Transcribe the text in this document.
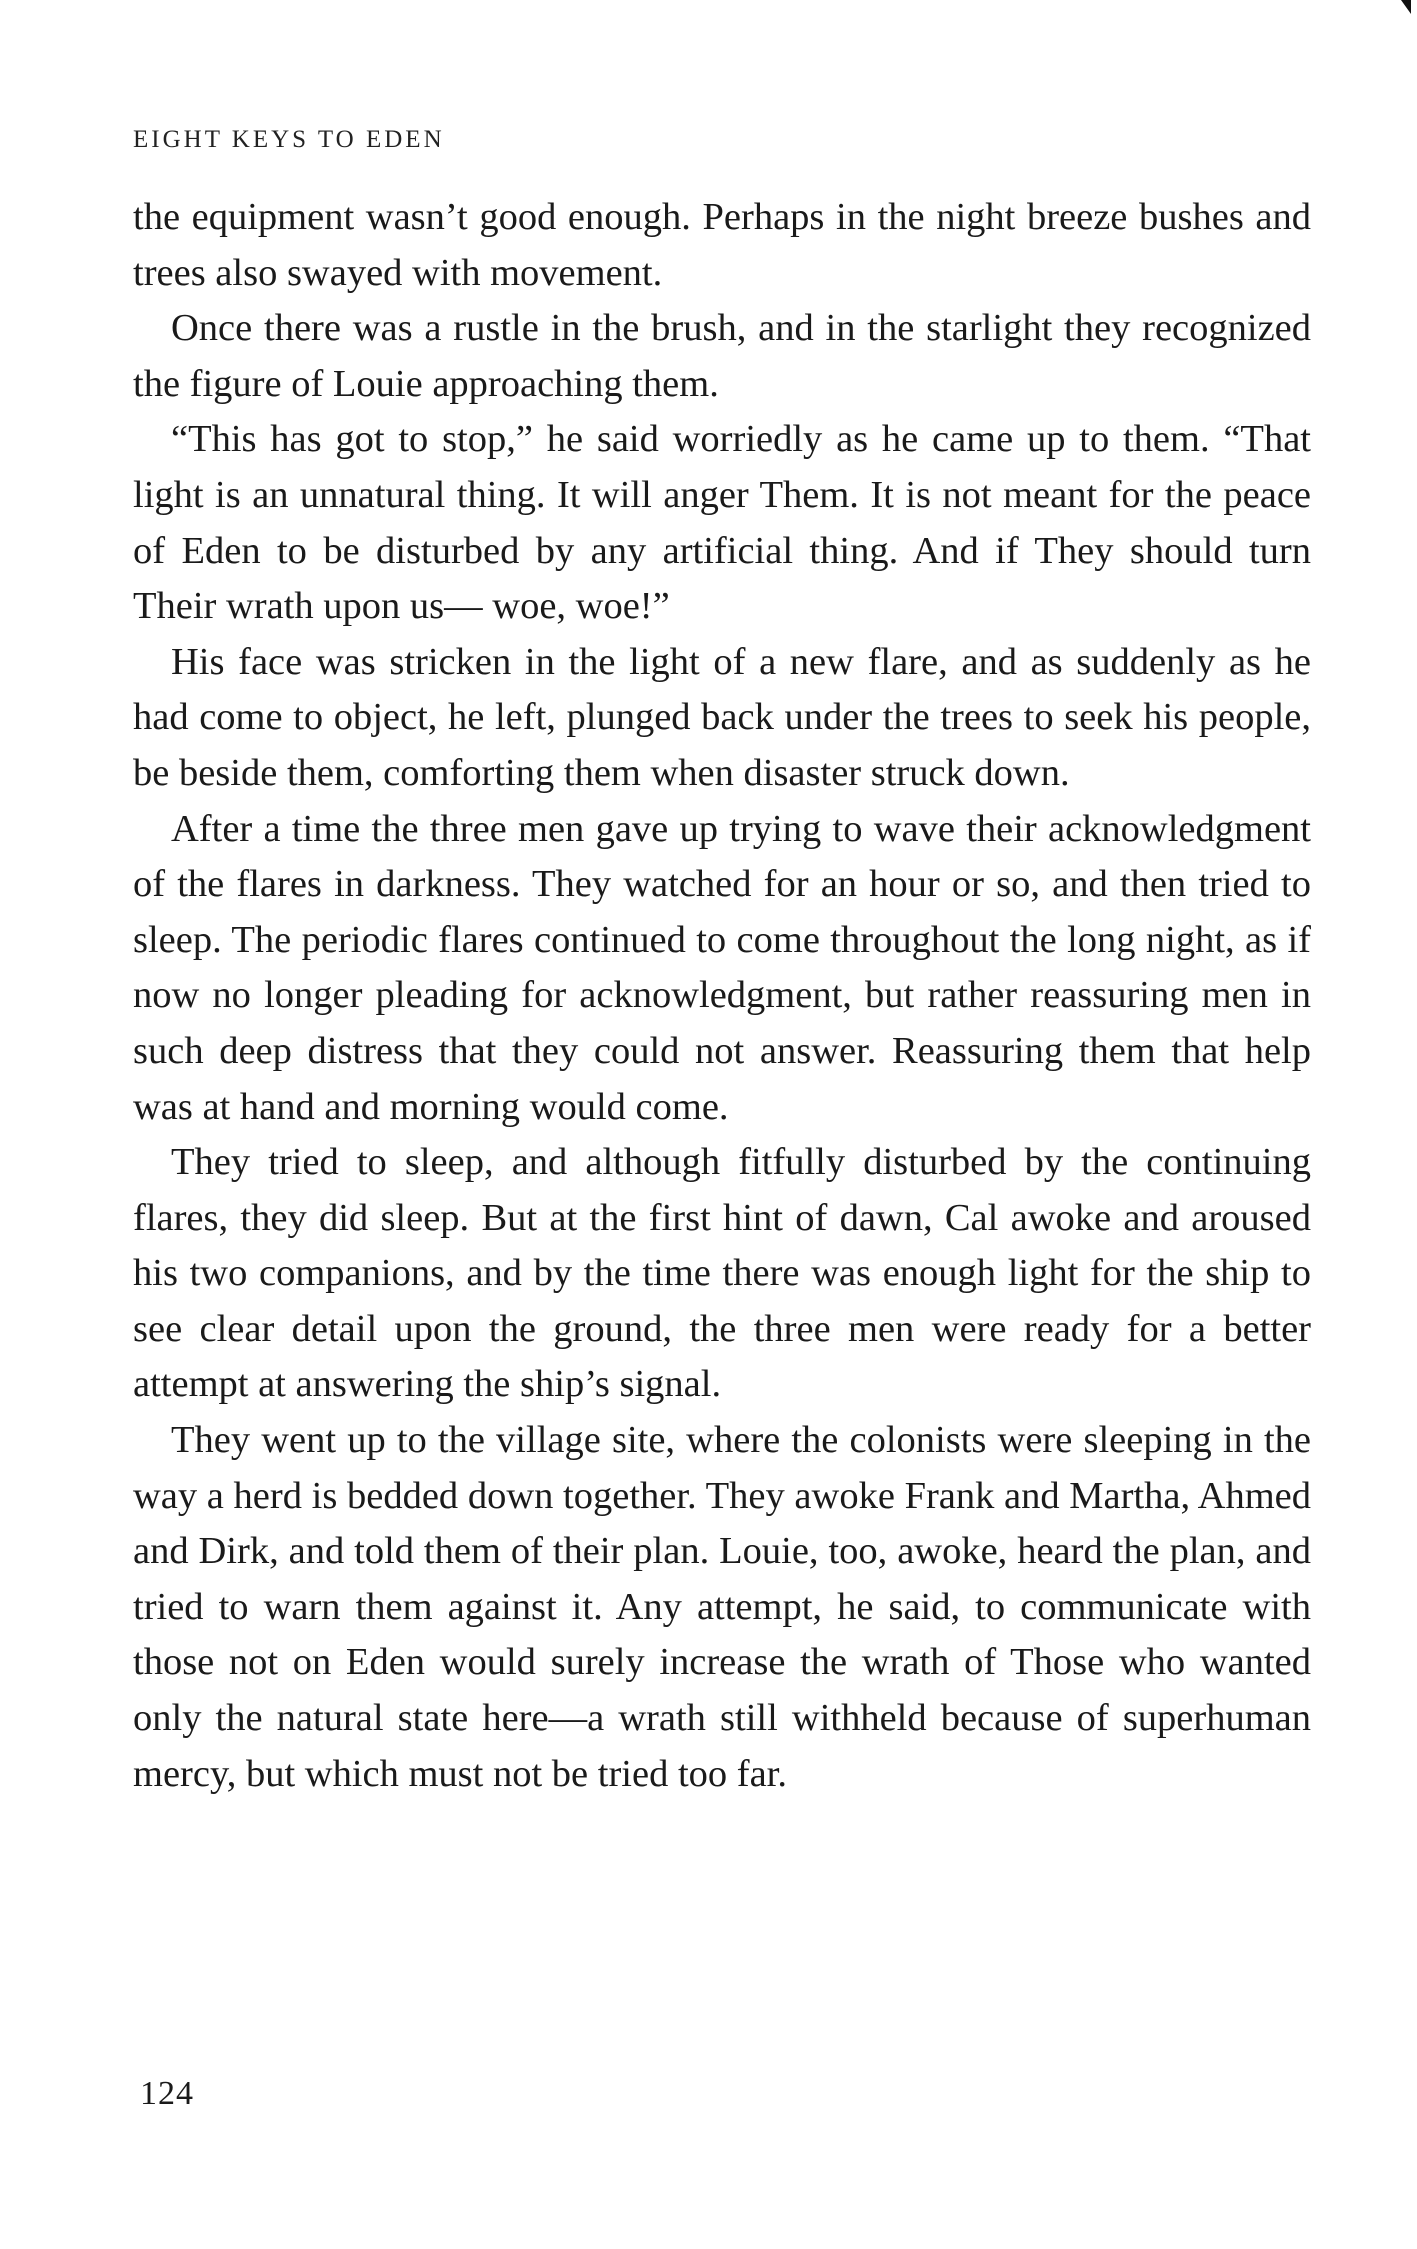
EIGHT KEYS TO EDEN

the equipment wasn’t good enough. Perhaps in the night breeze bushes and trees also swayed with movement.

Once there was a rustle in the brush, and in the starlight they recognized the figure of Louie approaching them.

“This has got to stop,” he said worriedly as he came up to them. “That light is an unnatural thing. It will anger Them. It is not meant for the peace of Eden to be disturbed by any artificial thing. And if They should turn Their wrath upon us— woe, woe!”

His face was stricken in the light of a new flare, and as suddenly as he had come to object, he left, plunged back under the trees to seek his people, be beside them, comforting them when disaster struck down.

After a time the three men gave up trying to wave their acknowledgment of the flares in darkness. They watched for an hour or so, and then tried to sleep. The periodic flares continued to come throughout the long night, as if now no longer pleading for acknowledgment, but rather reassuring men in such deep distress that they could not answer. Reassuring them that help was at hand and morning would come.

They tried to sleep, and although fitfully disturbed by the continuing flares, they did sleep. But at the first hint of dawn, Cal awoke and aroused his two companions, and by the time there was enough light for the ship to see clear detail upon the ground, the three men were ready for a better attempt at answering the ship’s signal.

They went up to the village site, where the colonists were sleeping in the way a herd is bedded down together. They awoke Frank and Martha, Ahmed and Dirk, and told them of their plan. Louie, too, awoke, heard the plan, and tried to warn them against it. Any attempt, he said, to communicate with those not on Eden would surely increase the wrath of Those who wanted only the natural state here—a wrath still withheld because of superhuman mercy, but which must not be tried too far.

124
